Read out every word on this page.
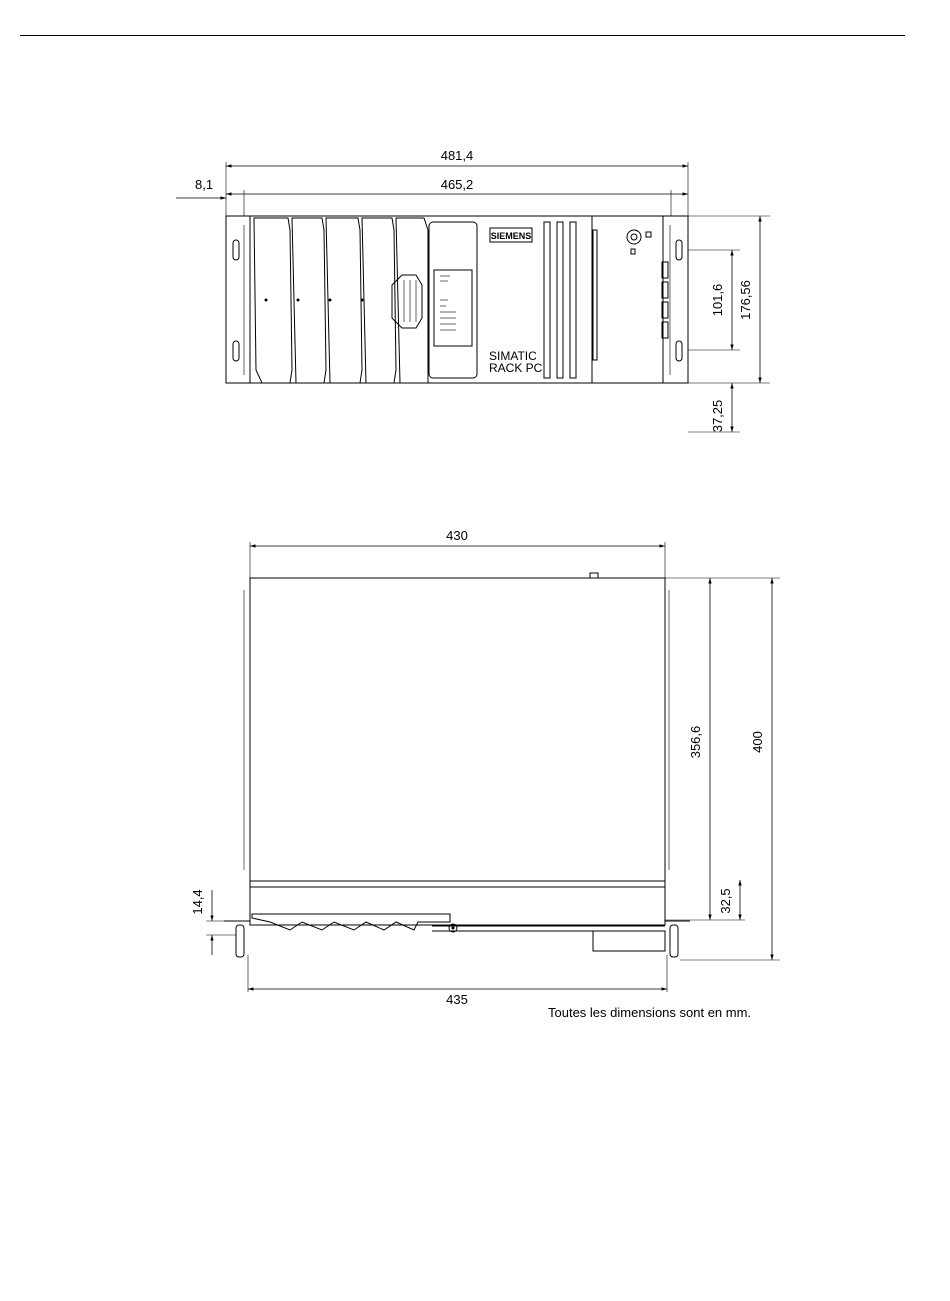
481,4
465,2
8,1
SIEMENS
SIMATIC
RACK PC
101,6 176,56
37,25
430
435
356,6	400
32,5
14,4
Toutes les dimensions sont en mm.
